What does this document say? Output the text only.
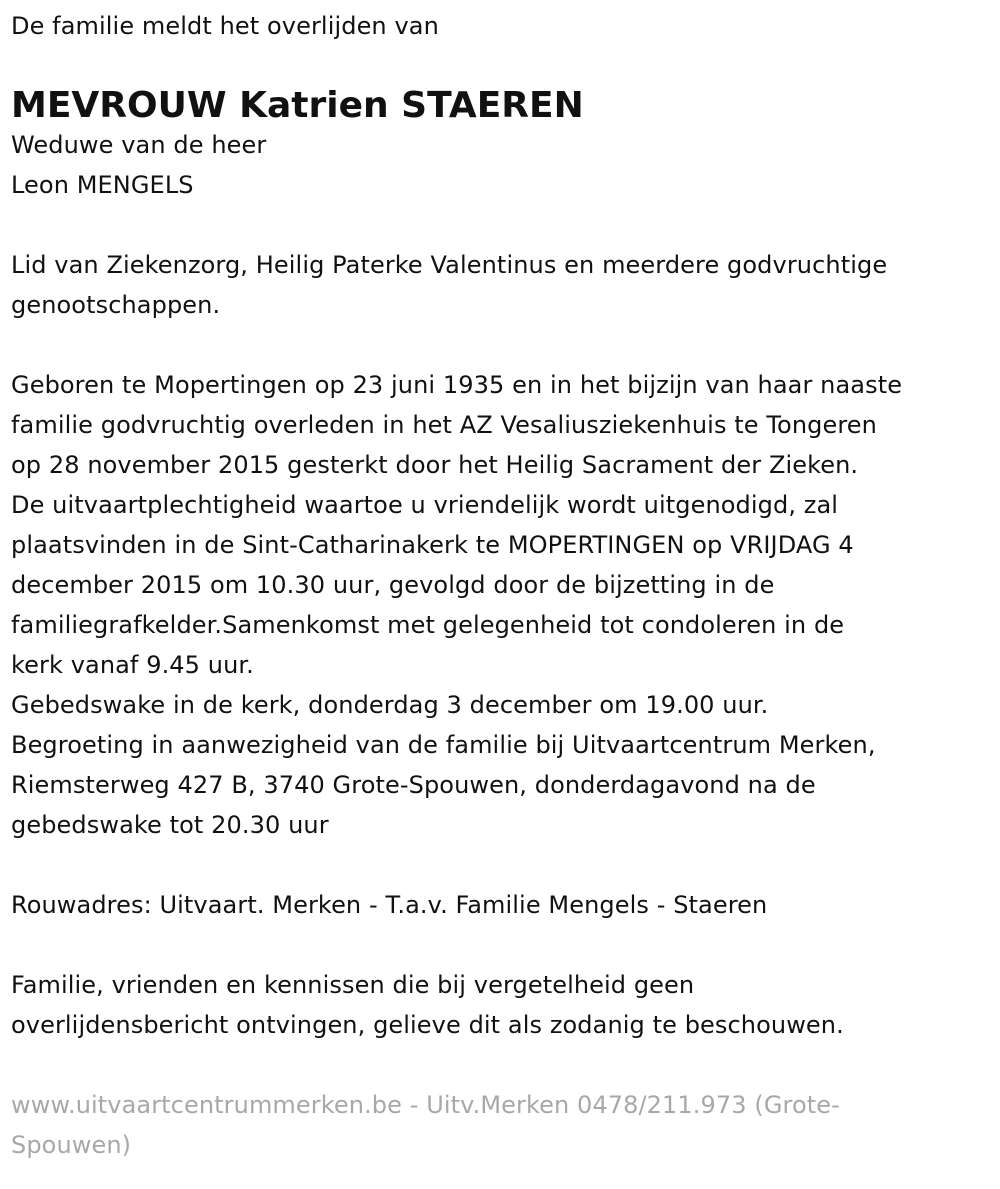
De familie meldt het overlijden van
MEVROUW Katrien STAEREN
Weduwe van de heer
Leon MENGELS
Lid van Ziekenzorg, Heilig Paterke Valentinus en meerdere godvruchtige
genootschappen.
Geboren te Mopertingen op 23 juni 1935 en in het bijzijn van haar naaste
familie godvruchtig overleden in het AZ Vesaliusziekenhuis te Tongeren
op 28 november 2015 gesterkt door het Heilig Sacrament der Zieken.
De uitvaartplechtigheid waartoe u vriendelijk wordt uitgenodigd, zal
plaatsvinden in de Sint-Catharinakerk te MOPERTINGEN op VRIJDAG 4
december 2015 om 10.30 uur, gevolgd door de bijzetting in de
familiegrafkelder.Samenkomst met gelegenheid tot condoleren in de
kerk vanaf 9.45 uur.
Gebedswake in de kerk, donderdag 3 december om 19.00 uur.
Begroeting in aanwezigheid van de familie bij Uitvaartcentrum Merken,
Riemsterweg 427 B, 3740 Grote-Spouwen, donderdagavond na de
gebedswake tot 20.30 uur
Rouwadres: Uitvaart. Merken - T.a.v. Familie Mengels - Staeren
Familie, vrienden en kennissen die bij vergetelheid geen
overlijdensbericht ontvingen, gelieve dit als zodanig te beschouwen.
www.uitvaartcentrummerken.be - Uitv.Merken 0478/211.973 (Grote-
Spouwen)
